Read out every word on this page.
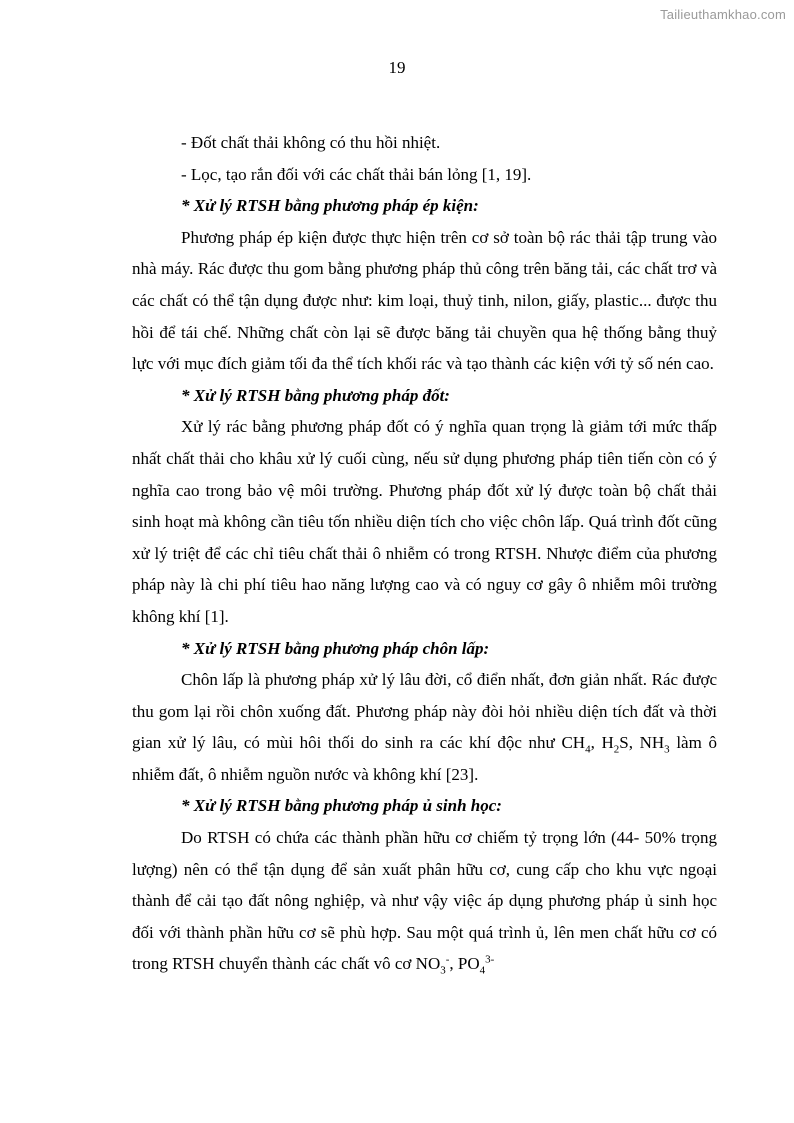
Tailieuthamkhao.com
19

- Đốt chất thải không có thu hồi nhiệt.

- Lọc, tạo rắn đối với các chất thải bán lỏng [1, 19].

* Xử lý RTSH bằng phương pháp ép kiện:

Phương pháp ép kiện được thực hiện trên cơ sở toàn bộ rác thải tập trung vào nhà máy. Rác được thu gom bằng phương pháp thủ công trên băng tải, các chất trơ và các chất có thể tận dụng được như: kim loại, thuỷ tinh, nilon, giấy, plastic... được thu hồi để tái chế. Những chất còn lại sẽ được băng tải chuyền qua hệ thống bằng thuỷ lực với mục đích giảm tối đa thể tích khối rác và tạo thành các kiện với tỷ số nén cao.

* Xử lý RTSH bằng phương pháp đốt:

Xử lý rác bằng phương pháp đốt có ý nghĩa quan trọng là giảm tới mức thấp nhất chất thải cho khâu xử lý cuối cùng, nếu sử dụng phương pháp tiên tiến còn có ý nghĩa cao trong bảo vệ môi trường. Phương pháp đốt xử lý được toàn bộ chất thải sinh hoạt mà không cần tiêu tốn nhiều diện tích cho việc chôn lấp. Quá trình đốt cũng xử lý triệt để các chỉ tiêu chất thải ô nhiễm có trong RTSH. Nhược điểm của phương pháp này là chi phí tiêu hao năng lượng cao và có nguy cơ gây ô nhiễm môi trường không khí [1].

* Xử lý RTSH bằng phương pháp chôn lấp:

Chôn lấp là phương pháp xử lý lâu đời, cổ điển nhất, đơn giản nhất. Rác được thu gom lại rồi chôn xuống đất. Phương pháp này đòi hỏi nhiều diện tích đất và thời gian xử lý lâu, có mùi hôi thối do sinh ra các khí độc như $CH_4$, $H_2S$, $NH_3$ làm ô nhiễm đất, ô nhiễm nguồn nước và không khí [23].

* Xử lý RTSH bằng phương pháp ủ sinh học:

Do RTSH có chứa các thành phần hữu cơ chiếm tỷ trọng lớn (44- 50% trọng lượng) nên có thể tận dụng để sản xuất phân hữu cơ, cung cấp cho khu vực ngoại thành để cải tạo đất nông nghiệp, và như vậy việc áp dụng phương pháp ủ sinh học đối với thành phần hữu cơ sẽ phù hợp. Sau một quá trình ủ, lên men chất hữu cơ có trong RTSH chuyển thành các chất vô cơ $NO_3^-$, $PO_4^{3-}$
